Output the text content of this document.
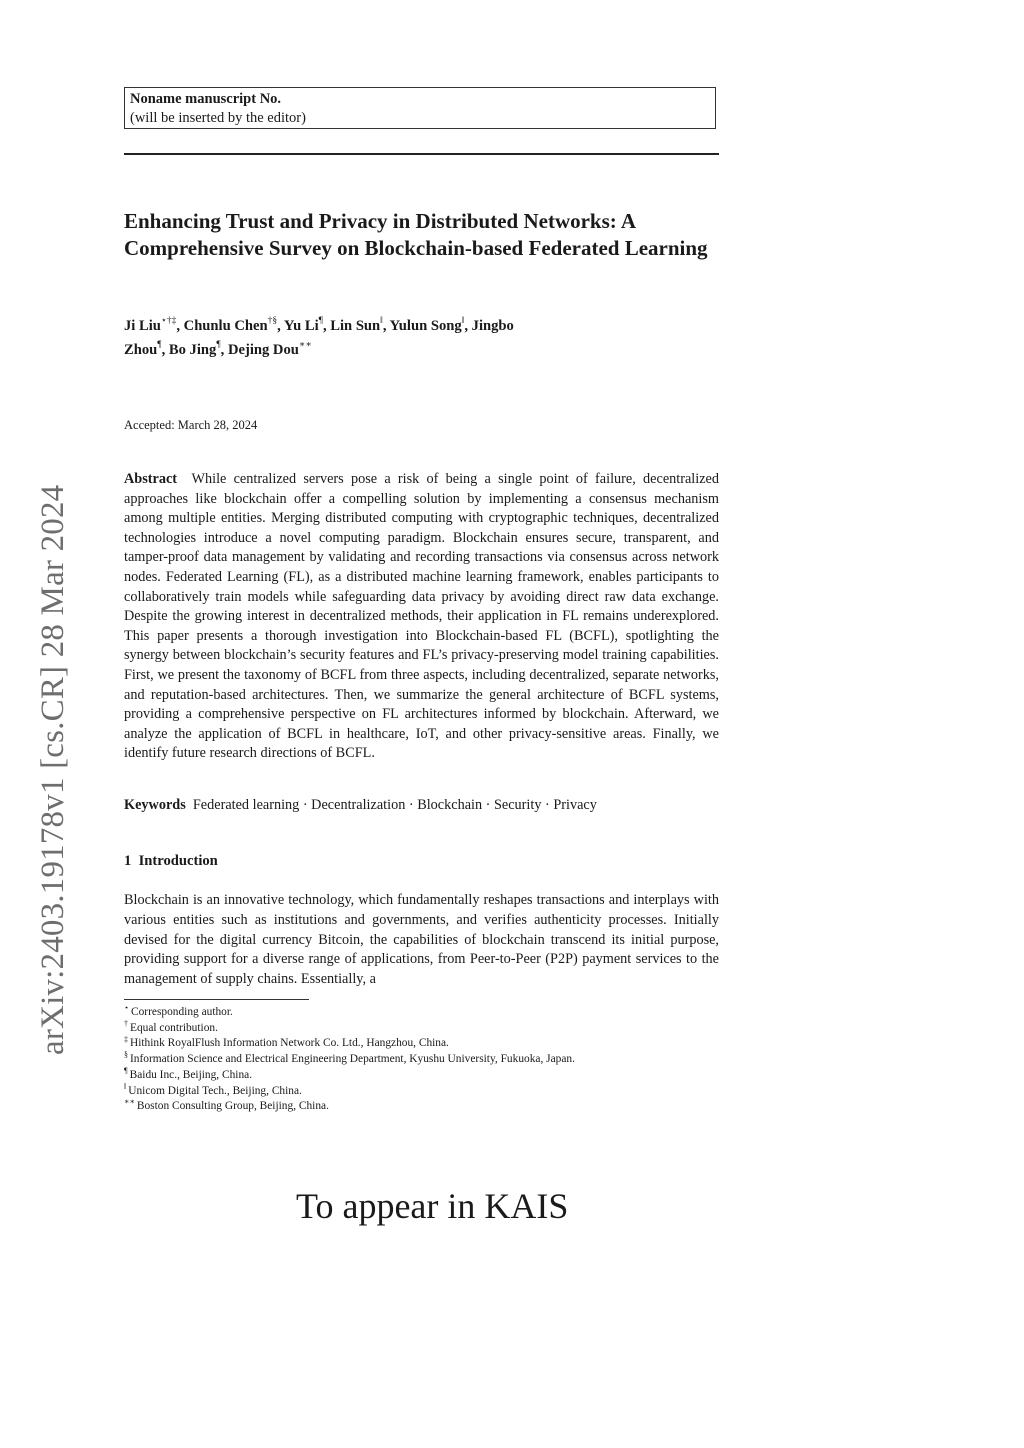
Noname manuscript No.
(will be inserted by the editor)
Enhancing Trust and Privacy in Distributed Networks: A Comprehensive Survey on Blockchain-based Federated Learning
Ji Liu⋆†‡, Chunlu Chen†§, Yu Li¶, Lin Sun‖, Yulun Song‖, Jingbo Zhou¶, Bo Jing¶, Dejing Dou∗∗
Accepted: March 28, 2024

Abstract While centralized servers pose a risk of being a single point of failure, decentralized approaches like blockchain offer a compelling solution by implementing a consensus mechanism among multiple entities. Merging distributed computing with cryptographic techniques, decentralized technologies introduce a novel computing paradigm. Blockchain ensures secure, transparent, and tamper-proof data management by validating and recording transactions via consensus across network nodes. Federated Learning (FL), as a distributed machine learning framework, enables participants to collaboratively train models while safeguarding data privacy by avoiding direct raw data exchange. Despite the growing interest in decentralized methods, their application in FL remains underexplored. This paper presents a thorough investigation into Blockchain-based FL (BCFL), spotlighting the synergy between blockchain’s security features and FL’s privacy-preserving model training capabilities. First, we present the taxonomy of BCFL from three aspects, including decentralized, separate networks, and reputation-based architectures. Then, we summarize the general architecture of BCFL systems, providing a comprehensive perspective on FL architectures informed by blockchain. Afterward, we analyze the application of BCFL in healthcare, IoT, and other privacy-sensitive areas. Finally, we identify future research directions of BCFL.

Keywords Federated learning · Decentralization · Blockchain · Security · Privacy
1 Introduction

Blockchain is an innovative technology, which fundamentally reshapes transactions and interplays with various entities such as institutions and governments, and verifies authenticity processes. Initially devised for the digital currency Bitcoin, the capabilities of blockchain transcend its initial purpose, providing support for a diverse range of applications, from Peer-to-Peer (P2P) payment services to the management of supply chains. Essentially, a

⋆ Corresponding author.
† Equal contribution.
‡ Hithink RoyalFlush Information Network Co. Ltd., Hangzhou, China.
§ Information Science and Electrical Engineering Department, Kyushu University, Fukuoka, Japan.
¶ Baidu Inc., Beijing, China.
‖ Unicom Digital Tech., Beijing, China.
∗∗ Boston Consulting Group, Beijing, China.
To appear in KAIS
arXiv:2403.19178v1 [cs.CR] 28 Mar 2024
